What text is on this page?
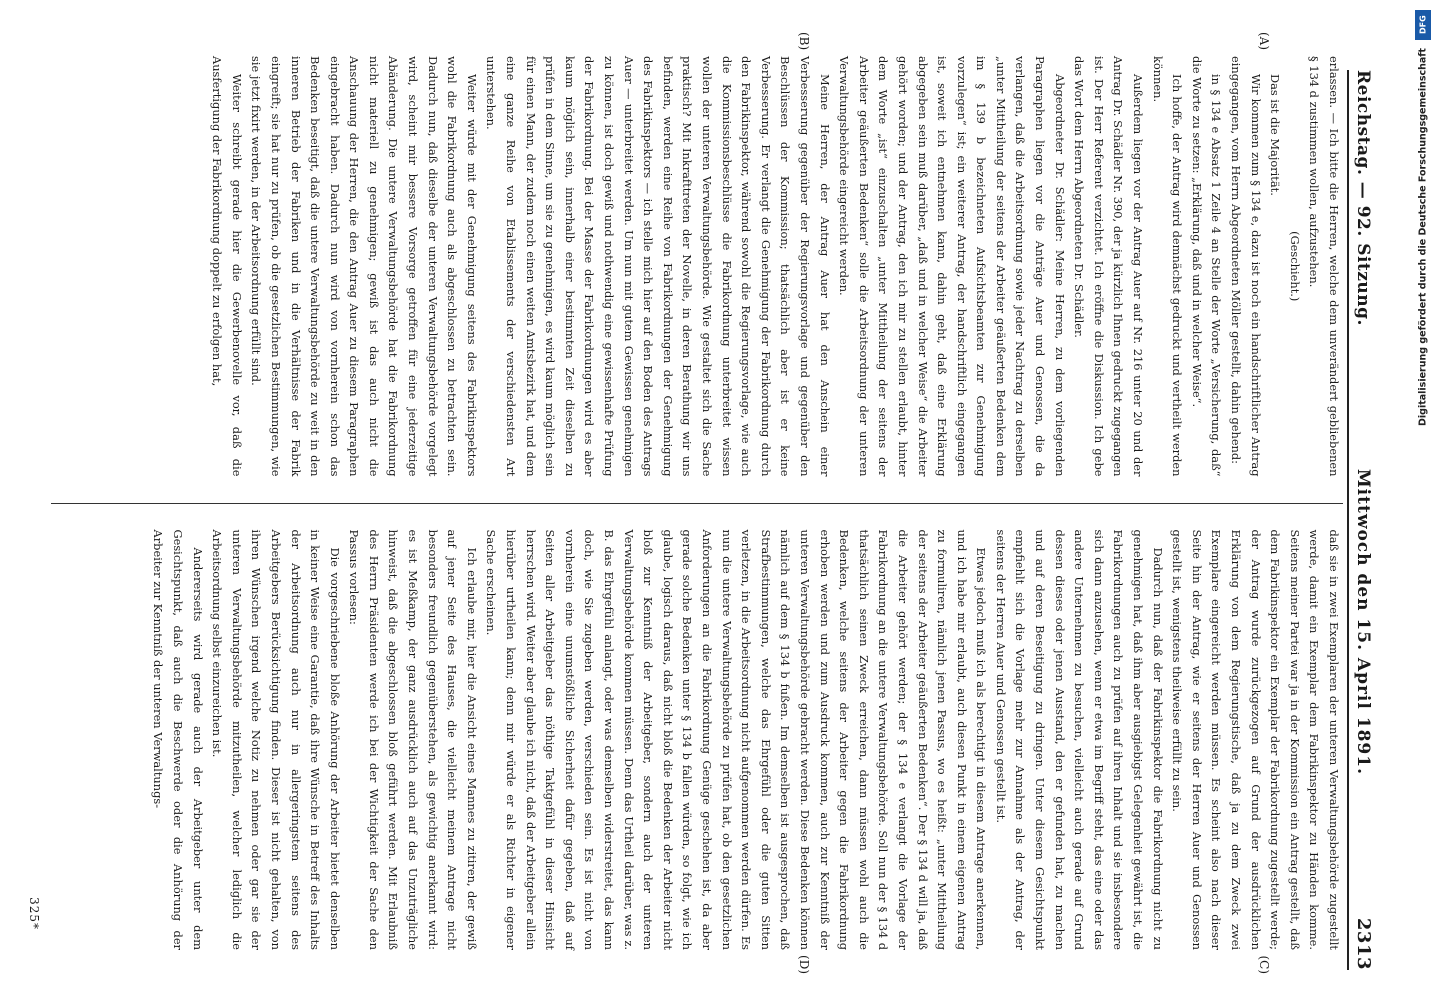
Reichstag. — 92. Sitzung.
Mittwoch den 15. April 1891.
2313
(A)
(B)

erlassen. — Ich bitte die Herren, welche dem unverändert gebliebenen § 134 d zustimmen wollen, aufzustehen.

(Geschieht.)

Das ist die Majorität.

Wir kommen zum § 134 e, dazu ist noch ein handschriftlicher Antrag eingegangen, vom Herrn Abgeordneten Möller gestellt, dahin gehend:

in § 134 e Absatz 1 Zeile 4 an Stelle der Worte „Versicherung, daß“ die Worte zu setzen: „Erklärung, daß und in welcher Weise“.

Ich hoffe, der Antrag wird demnächst gedruckt und vertheilt werden können.

Außerdem liegen vor der Antrag Auer auf Nr. 216 unter 20 und der Antrag Dr. Schädler Nr. 390, der ja kürzlich Ihnen gedruckt zugegangen ist. Der Herr Referent verzichtet. Ich eröffne die Diskussion. Ich gebe das Wort dem Herrn Abgeordneten Dr. Schädler.

Abgeordneter Dr. Schädler: Meine Herren, zu dem vorliegenden Paragraphen liegen vor die Anträge Auer und Genossen, die da verlangen, daß die Arbeitsordnung sowie jeder Nachtrag zu derselben „unter Mittheilung der seitens der Arbeiter geäußerten Bedenken dem im § 139 b bezeichneten Aufsichtsbeamten zur Genehmigung vorzulegen“ ist; ein weiterer Antrag, der handschriftlich eingegangen ist, soweit ich entnehmen kann, dahin geht, daß eine Erklärung abgegeben sein muß darüber, „daß und in welcher Weise“ die Arbeiter gehört worden; und der Antrag, den ich mir zu stellen erlaubt, hinter dem Worte „ist“ einzuschalten „unter Mittheilung der seitens der Arbeiter geäußerten Bedenken“ solle die Arbeitsordnung der unteren Verwaltungsbehörde eingereicht werden.

Meine Herren, der Antrag Auer hat den Anschein einer Verbesserung gegenüber der Regierungsvorlage und gegenüber den Beschlüssen der Kommission; thatsächlich aber ist er keine Verbesserung. Er verlangt die Genehmigung der Fabrikordnung durch den Fabrikinspektor, während sowohl die Regierungsvorlage, wie auch die Kommissionsbeschlüsse die Fabrikordnung unterbreitet wissen wollen der unteren Verwaltungsbehörde. Wie gestaltet sich die Sache praktisch? Mit Inkrafttreten der Novelle, in deren Berathung wir uns befinden, werden eine Reihe von Fabrikordnungen der Genehmigung des Fabrikinspektors — ich stelle mich hier auf den Boden des Antrags Auer — unterbreitet werden. Um nun mit gutem Gewissen genehmigen zu können, ist doch gewiß und nothwendig eine gewissenhafte Prüfung der Fabrikordnung. Bei der Masse der Fabrikordnungen wird es aber kaum möglich sein, innerhalb einer bestimmten Zeit dieselben zu prüfen in dem Sinne, um sie zu genehmigen, es wird kaum möglich sein für einen Mann, der zudem noch einen weiten Amtsbezirk hat, und dem eine ganze Reihe von Etablissements der verschiedensten Art unterstehen.

Weiter würde mit der Genehmigung seitens des Fabrikinspektors wohl die Fabrikordnung auch als abgeschlossen zu betrachten sein. Dadurch nun, daß dieselbe der unteren Verwaltungsbehörde vorgelegt wird, scheint mir bessere Vorsorge getroffen für eine jederzeitige Abänderung. Die untere Verwaltungsbehörde hat die Fabrikordnung nicht materiell zu genehmigen; gewiß ist das auch nicht die Anschauung der Herren, die den Antrag Auer zu diesem Paragraphen eingebracht haben. Dadurch nun wird von vornherein schon das Bedenken beseitigt, daß die untere Verwaltungsbehörde zu weit in den inneren Betrieb der Fabriken und in die Verhältnisse der Fabrik eingreift; sie hat nur zu prüfen, ob die gesetzlichen Bestimmungen, wie sie jetzt fixirt werden, in der Arbeitsordnung erfüllt sind.

Weiter schreibt gerade hier die Gewerbenovelle vor, daß die Ausfertigung der Fabrikordnung doppelt zu erfolgen hat,

(C)
(D)

daß sie in zwei Exemplaren der unteren Verwaltungsbehörde zugestellt werde, damit ein Exemplar dem Fabrikinspektor zu Händen komme. Seitens meiner Partei war ja in der Kommission ein Antrag gestellt, daß dem Fabrikinspektor ein Exemplar der Fabrikordnung zugestellt werde; der Antrag wurde zurückgezogen auf Grund der ausdrücklichen Erklärung von dem Regierungstische, daß ja zu dem Zweck zwei Exemplare eingereicht werden müssen. Es scheint also nach dieser Seite hin der Antrag, wie er seitens der Herren Auer und Genossen gestellt ist, wenigstens theilweise erfüllt zu sein.

Dadurch nun, daß der Fabrikinspektor die Fabrikordnung nicht zu genehmigen hat, daß ihm aber ausgiebigst Gelegenheit gewährt ist, die Fabrikordnungen auch zu prüfen auf ihren Inhalt und sie insbesondere sich dann anzusehen, wenn er etwa im Begriff steht, das eine oder das andere Unternehmen zu besuchen, vielleicht auch gerade auf Grund dessen dieses oder jenen Ausstand, den er gefunden hat, zu machen und auf deren Beseitigung zu dringen. Unter diesem Gesichtspunkt empfiehlt sich die Vorlage mehr zur Annahme als der Antrag, der seitens der Herren Auer und Genossen gestellt ist.

Etwas jedoch muß ich als berechtigt in diesem Antrage anerkennen, und ich habe mir erlaubt, auch diesen Punkt in einem eigenen Antrag zu formuliren, nämlich jenen Passus, wo es heißt: „unter Mittheilung der seitens der Arbeiter geäußerten Bedenken“. Der § 134 d will ja, daß die Arbeiter gehört werden; der § 134 e verlangt die Vorlage der Fabrikordnung an die untere Verwaltungsbehörde. Soll nun der § 134 d thatsächlich seinen Zweck erreichen, dann müssen wohl auch die Bedenken, welche seitens der Arbeiter gegen die Fabrikordnung erhoben werden und zum Ausdruck kommen, auch zur Kenntniß der unteren Verwaltungsbehörde gebracht werden. Diese Bedenken können nämlich auf dem § 134 b fußen. Im demselben ist ausgesprochen, daß Strafbestimmungen, welche das Ehrgefühl oder die guten Sitten verletzen, in die Arbeitsordnung nicht aufgenommen werden dürfen. Es nun die untere Verwaltungsbehörde zu prüfen hat, ob den gesetzlichen Anforderungen an die Fabrikordnung Genüge geschehen ist, da aber gerade solche Bedenken unter § 134 b fallen würden, so folgt, wie ich glaube, logisch daraus, daß nicht bloß die Bedenken der Arbeiter nicht bloß zur Kenntniß der Arbeitgeber, sondern auch der unteren Verwaltungsbehörde kommen müssen. Denn das Urtheil darüber, was z. B. das Ehrgefühl anlangt, oder was demselben widerstreitet, das kann doch, wie Sie zugeben werden, verschieden sein. Es ist nicht von vornherein eine unumstößliche Sicherheit dafür gegeben, daß auf Seiten aller Arbeitgeber das nöthige Taktgefühl in dieser Hinsicht herrschen wird. Weiter aber glaube ich nicht, daß der Arbeitgeber allein hierüber urtheilen kann; denn mir würde er als Richter in eigener Sache erscheinen.

Ich erlaube mir, hier die Ansicht eines Mannes zu zitiren, der gewiß auf jener Seite des Hauses, die vielleicht meinem Antrage nicht besonders freundlich gegenüberstehen, als gewichtig anerkannt wird: es ist Meßkamp, der ganz ausdrücklich auch auf das Unzuträgliche hinweist, daß die abgeschlossen bloß geführt werden. Mit Erlaubniß des Herrn Präsidenten werde ich bei der Wichtigkeit der Sache den Passus vorlesen:

Die vorgeschriebene bloße Anhörung der Arbeiter bietet denselben in keiner Weise eine Garantie, daß ihre Wünsche in Betreff des Inhalts der Arbeitsordnung auch nur in allergeringstem seitens des Arbeitgebers Berücksichtigung finden. Dieser ist nicht gehalten, von ihren Wünschen irgend welche Notiz zu nehmen oder gar sie der unteren Verwaltungsbehörde mitzutheilen, welcher lediglich die Arbeitsordnung selbst einzureichen ist.

Andererseits wird gerade auch der Arbeitgeber unter dem Gesichtspunkt, daß auch die Beschwerde oder die Anhörung der Arbeiter zur Kenntniß der unteren Verwaltungs-

325*
DFG
Digitalisierung gefördert durch die Deutsche Forschungsgemeinschaft
